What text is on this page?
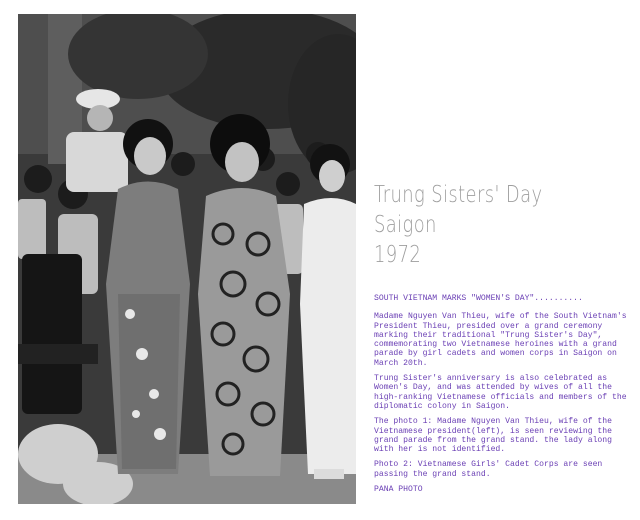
Trung Sisters' Day
Saigon
1972

SOUTH VIETNAM MARKS "WOMEN'S DAY"..........

Madame Nguyen Van Thieu, wife of the South Vietnam's President Thieu, presided over a grand ceremony marking their traditional "Trung Sister's Day", commemorating two Vietnamese heroines with a grand parade by girl cadets and women corps in Saigon on March 20th.

Trung Sister's anniversary is also celebrated as Women's Day, and was attended by wives of all the high-ranking Vietnamese officials and members of the diplomatic colony in Saigon.

The photo 1: Madame Nguyen Van Thieu, wife of the Vietnamese president(left), is seen reviewing the grand parade from the grand stand. the lady along with her is not identified.

Photo 2: Vietnamese Girls' Cadet Corps are seen passing the grand stand.

PANA PHOTO
